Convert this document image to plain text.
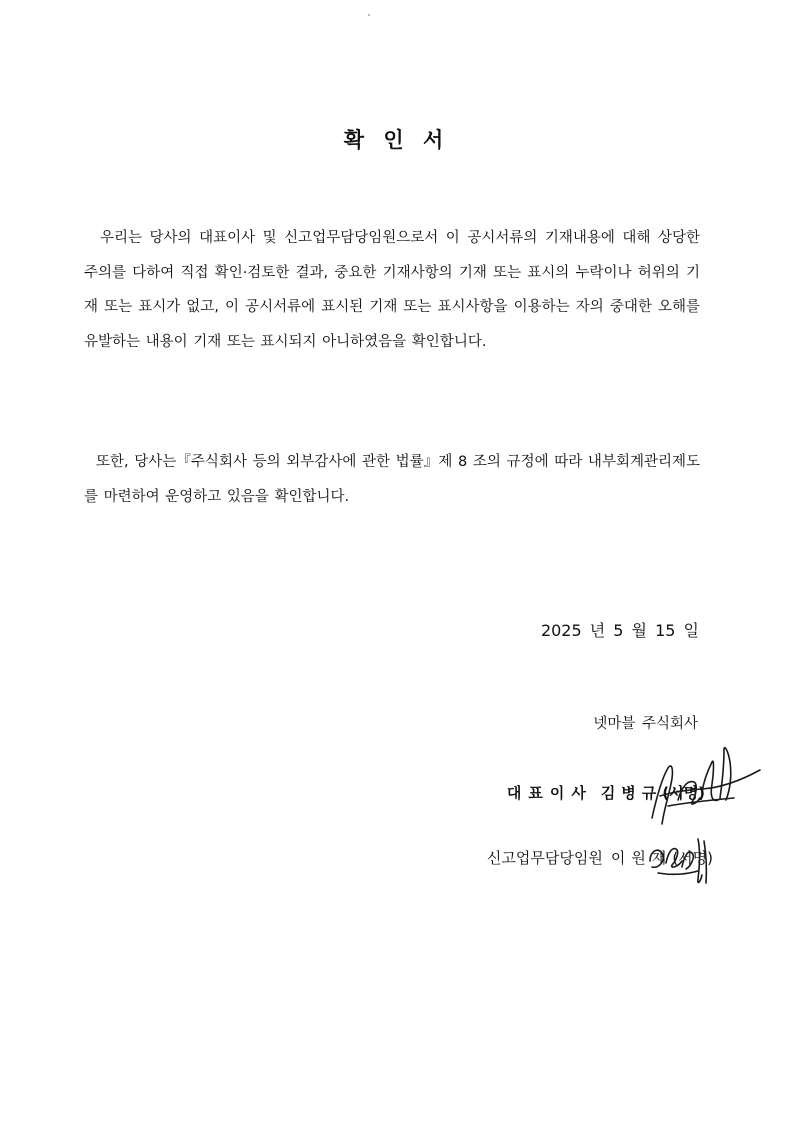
확 인 서
우리는 당사의 대표이사 및 신고업무담당임원으로서 이 공시서류의 기재내용에 대해 상당한 주의를 다하여 직접 확인·검토한 결과, 중요한 기재사항의 기재 또는 표시의 누락이나 허위의 기재 또는 표시가 없고, 이 공시서류에 표시된 기재 또는 표시사항을 이용하는 자의 중대한 오해를 유발하는 내용이 기재 또는 표시되지 아니하였음을 확인합니다.
또한, 당사는『주식회사 등의 외부감사에 관한 법률』제 8 조의 규정에 따라 내부회계관리제도를 마련하여 운영하고 있음을 확인합니다.
2025 년 5 월 15 일
넷마블 주식회사
대표이사 김병규(서명)
신고업무담당임원 이원재(서명)
